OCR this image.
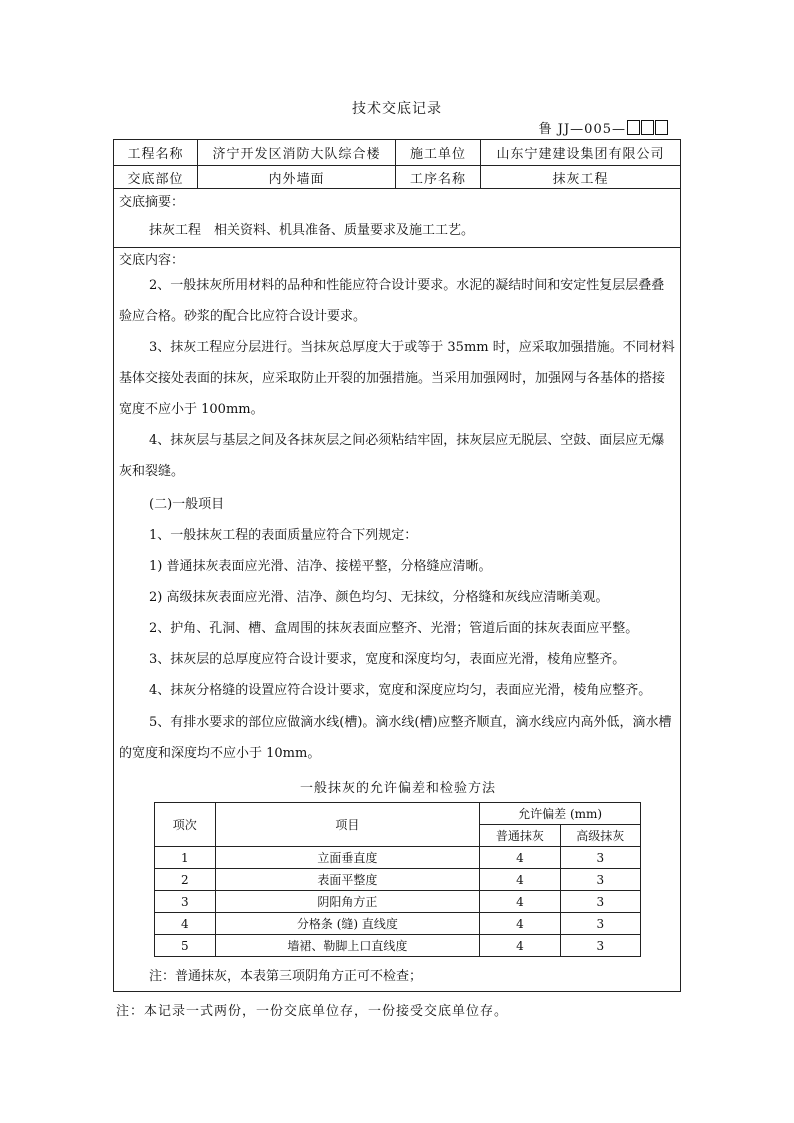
技术交底记录
鲁 JJ—005—
工程名称	济宁开发区消防大队综合楼	施工单位	山东宁建建设集团有限公司
交底部位	内外墙面	工序名称	抹灰工程
交底摘要：
抹灰工程　相关资料、机具准备、质量要求及施工工艺。
交底内容：
2、一般抹灰所用材料的品种和性能应符合设计要求。水泥的凝结时间和安定性复层层叠叠验应合格。砂浆的配合比应符合设计要求。
3、抹灰工程应分层进行。当抹灰总厚度大于或等于 35mm 时，应采取加强措施。不同材料基体交接处表面的抹灰，应采取防止开裂的加强措施。当采用加强网时，加强网与各基体的搭接宽度不应小于 100mm。
4、抹灰层与基层之间及各抹灰层之间必须粘结牢固，抹灰层应无脱层、空鼓、面层应无爆灰和裂缝。
(二)一般项目
1、一般抹灰工程的表面质量应符合下列规定：
1) 普通抹灰表面应光滑、洁净、接槎平整，分格缝应清晰。
2) 高级抹灰表面应光滑、洁净、颜色均匀、无抹纹，分格缝和灰线应清晰美观。
2、护角、孔洞、槽、盒周围的抹灰表面应整齐、光滑；管道后面的抹灰表面应平整。
3、抹灰层的总厚度应符合设计要求，宽度和深度均匀，表面应光滑，棱角应整齐。
4、抹灰分格缝的设置应符合设计要求，宽度和深度应均匀，表面应光滑，棱角应整齐。
5、有排水要求的部位应做滴水线(槽)。滴水线(槽)应整齐顺直，滴水线应内高外低，滴水槽的宽度和深度均不应小于 10mm。
一般抹灰的允许偏差和检验方法
项次	项目	允许偏差 (mm)	
		普通抹灰	高级抹灰
1	立面垂直度	4	3
2	表面平整度	4	3
3	阴阳角方正	4	3
4	分格条 (缝) 直线度	4	3
5	墙裙、勒脚上口直线度	4	3
注：普通抹灰，本表第三项阴角方正可不检查；
注：本记录一式两份，一份交底单位存，一份接受交底单位存。
